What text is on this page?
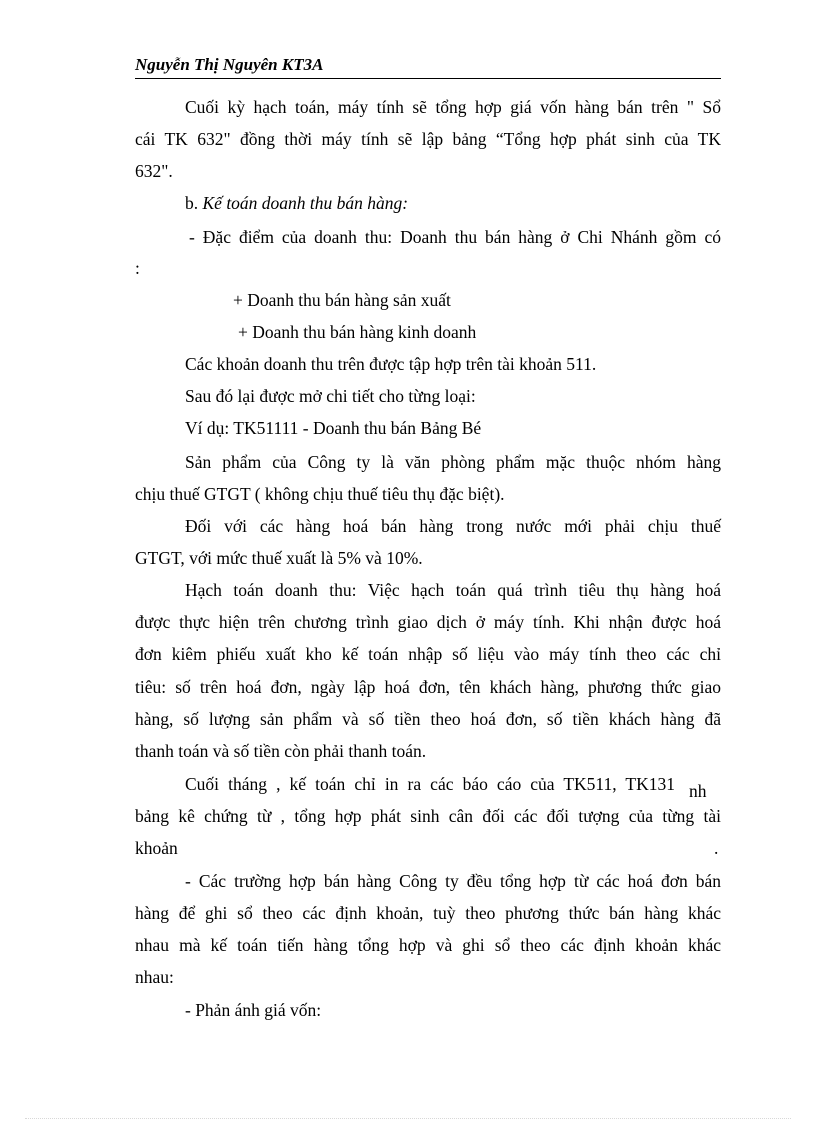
Nguyễn Thị Nguyên KT3A
Cuối kỳ hạch toán, máy tính sẽ tổng hợp giá vốn hàng bán trên " Sổ
cái TK 632" đồng thời máy tính sẽ lập bảng “Tổng hợp phát sinh của TK
632".
b. Kế toán doanh thu bán hàng:
- Đặc điểm của doanh thu: Doanh thu bán hàng ở Chi Nhánh gồm có
:
+ Doanh thu bán hàng sản xuất
+ Doanh thu bán hàng kinh doanh
Các khoản doanh thu trên được tập hợp trên tài khoản 511.
Sau đó lại được mở chi tiết cho từng loại:
Ví dụ: TK51111 - Doanh thu bán Bảng Bé
Sản phẩm của Công ty là văn phòng phẩm mặc thuộc nhóm hàng
chịu thuế GTGT ( không chịu thuế tiêu thụ đặc biệt).
Đối với các hàng hoá bán hàng trong nước mới phải chịu thuế
GTGT, với mức thuế xuất là 5% và 10%.
Hạch toán doanh thu: Việc hạch toán quá trình tiêu thụ hàng hoá
được thực hiện trên chương trình giao dịch ở máy tính. Khi nhận được hoá
đơn kiêm phiếu xuất kho kế toán nhập số liệu vào máy tính theo các chỉ
tiêu: số trên hoá đơn, ngày lập hoá đơn, tên khách hàng, phương thức giao
hàng, số lượng sản phẩm và số tiền theo hoá đơn, số tiền khách hàng đã
thanh toán và số tiền còn phải thanh toán.
Cuối tháng , kế toán chỉ in ra các báo cáo của TK511, TK131 nh
bảng kê chứng từ , tổng hợp phát sinh cân đối các đối tượng của từng tài
khoản	.
- Các trường hợp bán hàng Công ty đều tổng hợp từ các hoá đơn bán
hàng để ghi sổ theo các định khoản, tuỳ theo phương thức bán hàng khác
nhau mà kế toán tiến hàng tổng hợp và ghi sổ theo các định khoản khác
nhau:
- Phản ánh giá vốn:
